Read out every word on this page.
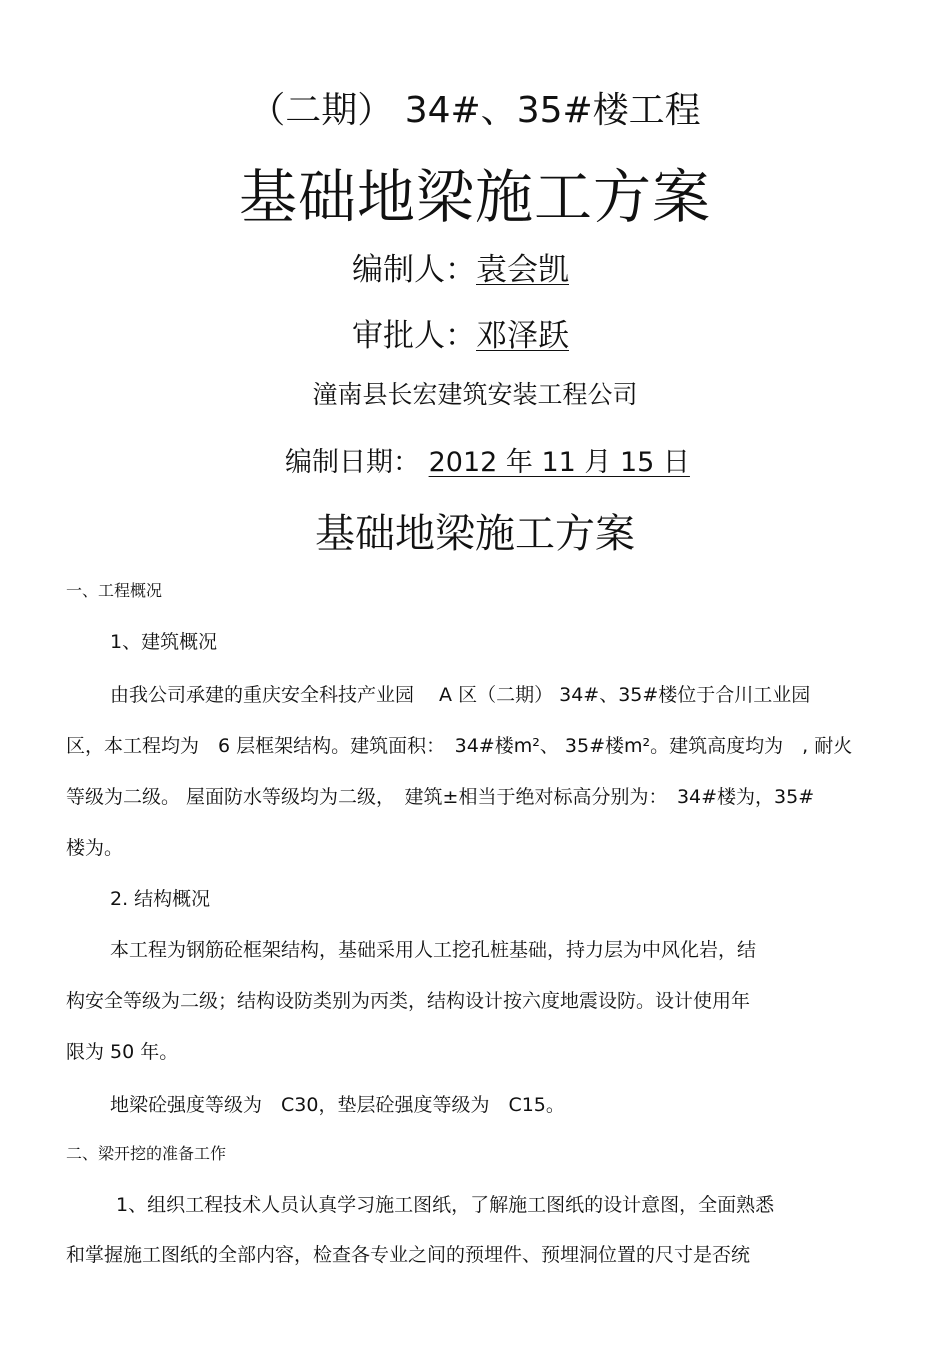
（二期） 34#、35#楼工程
基础地梁施工方案
编制人：袁会凯
审批人：邓泽跃
潼南县长宏建筑安装工程公司
编制日期： 2012 年 11 月 15 日
基础地梁施工方案
一、工程概况
1、建筑概况
由我公司承建的重庆安全科技产业园　 A 区（二期） 34#、35#楼位于合川工业园
区，本工程均为　6 层框架结构。建筑面积：　34#楼m²、 35#楼m²。建筑高度均为　, 耐火
等级为二级。 屋面防水等级均为二级，　建筑±相当于绝对标高分别为：　34#楼为，35#
楼为。
2. 结构概况
本工程为钢筋砼框架结构，基础采用人工挖孔桩基础，持力层为中风化岩，结
构安全等级为二级；结构设防类别为丙类，结构设计按六度地震设防。设计使用年
限为 50 年。
地梁砼强度等级为　C30，垫层砼强度等级为　C15。
二、梁开挖的准备工作
1、组织工程技术人员认真学习施工图纸，了解施工图纸的设计意图，全面熟悉
和掌握施工图纸的全部内容，检查各专业之间的预埋件、预埋洞位置的尺寸是否统
